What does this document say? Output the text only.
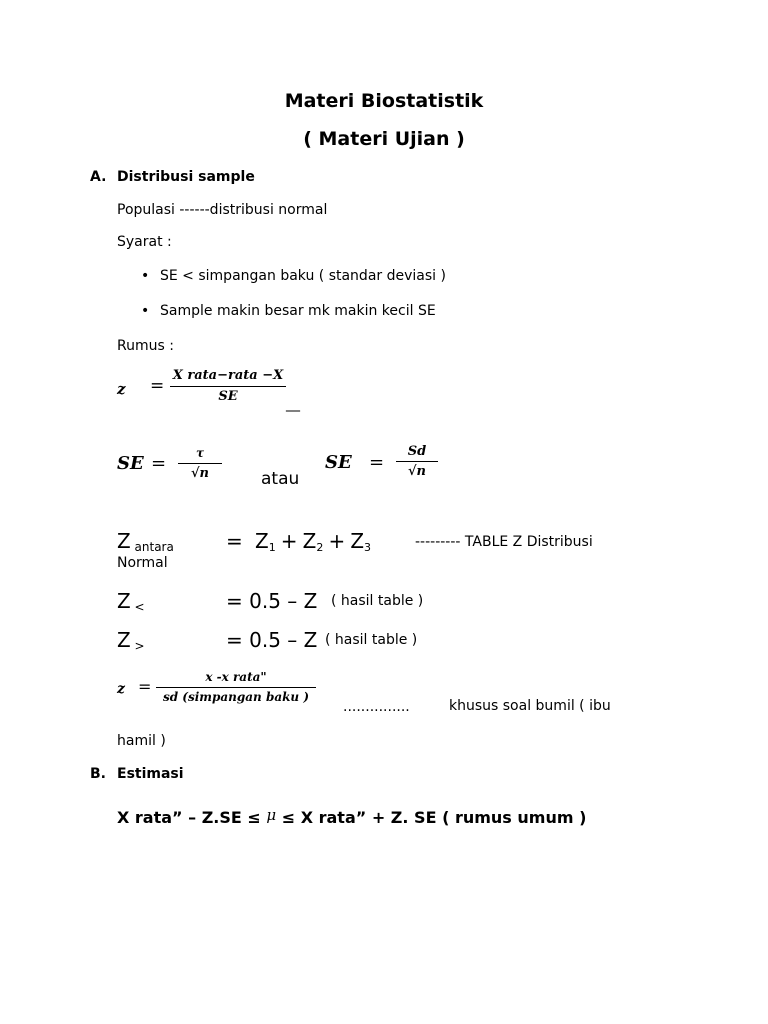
Materi Biostatistik
( Materi Ujian )
A. Distribusi sample
Populasi ------distribusi normal
Syarat :
• SE < simpangan baku ( standar deviasi )
• Sample makin besar mk makin kecil SE
Rumus :
z =
X rata−rata −X
SE	__
SE = τ
√n	atau
SE =
Sd
√n
Z antara	= $Z_1 + Z_2 + Z_3$	--------- TABLE Z Distribusi
Normal
Z <	= 0.5 – Z ( hasil table )
Z >	= 0.5 – Z ( hasil table )
z =	x -x rata"
sd (simpangan baku )
...............	khusus soal bumil ( ibu
hamil )
B. Estimasi
X rata” – Z.SE ≤ μ ≤ X rata” + Z. SE ( rumus umum )
